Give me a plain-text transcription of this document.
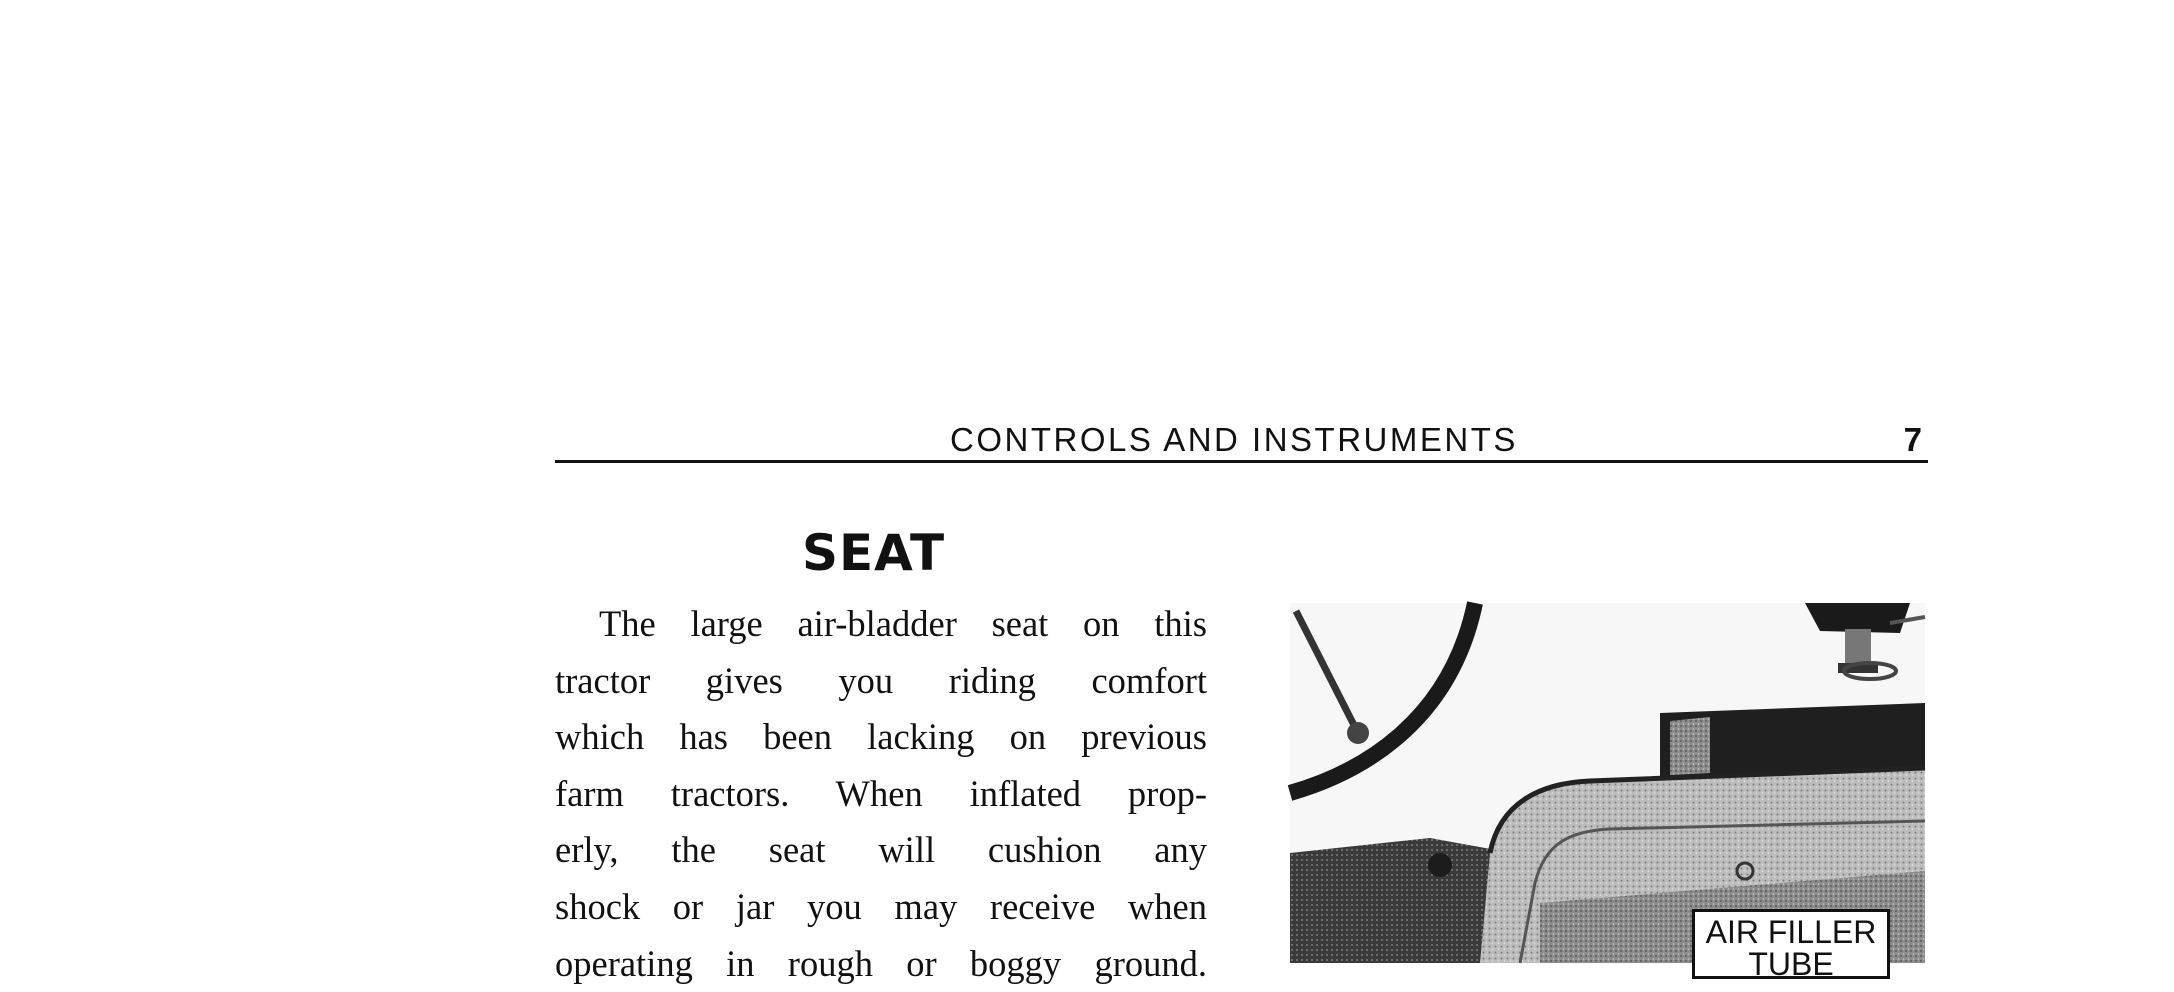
CONTROLS AND INSTRUMENTS	7
SEAT
The large air-bladder seat on this
tractor gives you riding comfort
which has been lacking on previous
farm tractors. When inflated prop-
erly, the seat will cushion any
shock or jar you may receive when
operating in rough or boggy ground.
AIR FILLER
TUBE
